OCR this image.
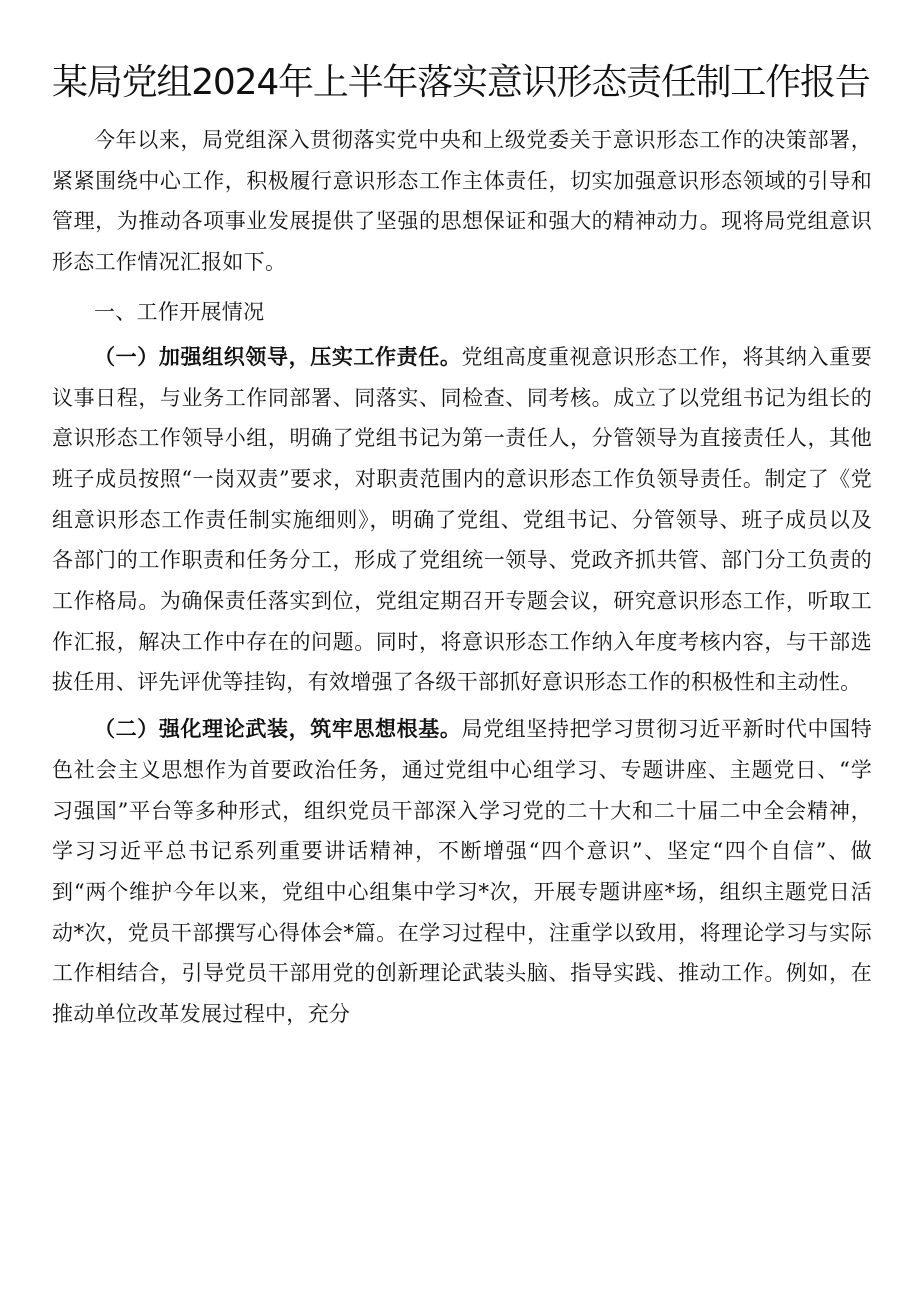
某局党组2024年上半年落实意识形态责任制工作报告

今年以来，局党组深入贯彻落实党中央和上级党委关于意识形态工作的决策部署，紧紧围绕中心工作，积极履行意识形态工作主体责任，切实加强意识形态领域的引导和管理，为推动各项事业发展提供了坚强的思想保证和强大的精神动力。现将局党组意识形态工作情况汇报如下。

一、工作开展情况

（一）加强组织领导，压实工作责任。党组高度重视意识形态工作，将其纳入重要议事日程，与业务工作同部署、同落实、同检查、同考核。成立了以党组书记为组长的意识形态工作领导小组，明确了党组书记为第一责任人，分管领导为直接责任人，其他班子成员按照“一岗双责”要求，对职责范围内的意识形态工作负领导责任。制定了《党组意识形态工作责任制实施细则》，明确了党组、党组书记、分管领导、班子成员以及各部门的工作职责和任务分工，形成了党组统一领导、党政齐抓共管、部门分工负责的工作格局。为确保责任落实到位，党组定期召开专题会议，研究意识形态工作，听取工作汇报，解决工作中存在的问题。同时，将意识形态工作纳入年度考核内容，与干部选拔任用、评先评优等挂钩，有效增强了各级干部抓好意识形态工作的积极性和主动性。

（二）强化理论武装，筑牢思想根基。局党组坚持把学习贯彻习近平新时代中国特色社会主义思想作为首要政治任务，通过党组中心组学习、专题讲座、主题党日、“学习强国”平台等多种形式，组织党员干部深入学习党的二十大和二十届二中全会精神，学习习近平总书记系列重要讲话精神，不断增强“四个意识”、坚定“四个自信”、做到“两个维护今年以来，党组中心组集中学习*次，开展专题讲座*场，组织主题党日活动*次，党员干部撰写心得体会*篇。在学习过程中，注重学以致用，将理论学习与实际工作相结合，引导党员干部用党的创新理论武装头脑、指导实践、推动工作。例如，在推动单位改革发展过程中，充分
